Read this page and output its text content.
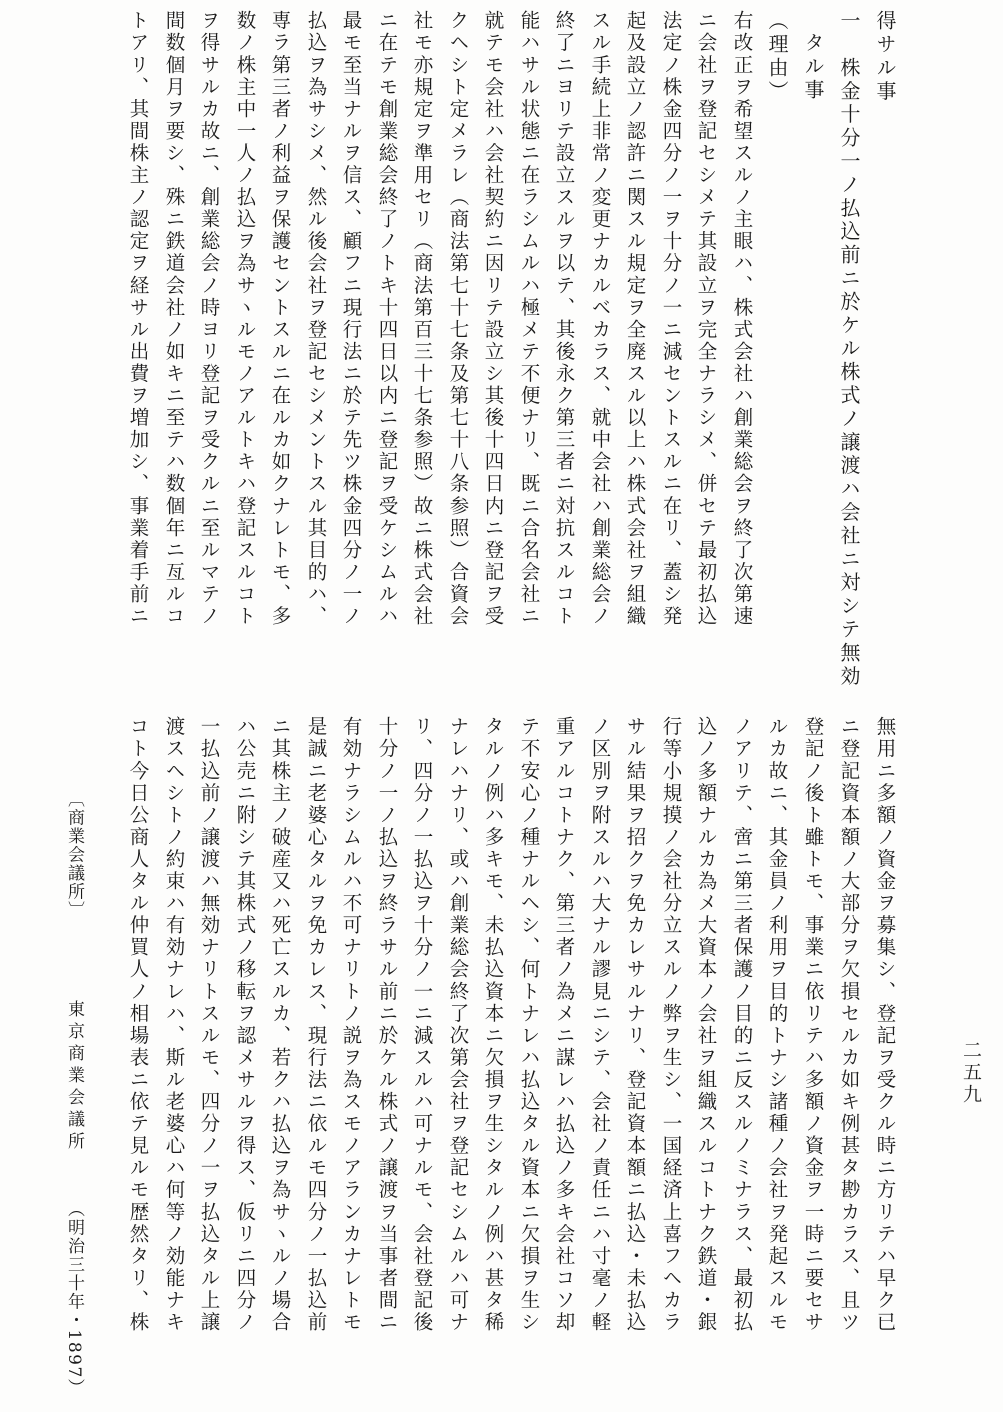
得サル事
一　株金十分一ノ払込前ニ於ケル株式ノ譲渡ハ会社ニ対シテ無効
タル事
（理由）
右改正ヲ希望スルノ主眼ハ、株式会社ハ創業総会ヲ終了次第速
ニ会社ヲ登記セシメテ其設立ヲ完全ナラシメ、併セテ最初払込
法定ノ株金四分ノ一ヲ十分ノ一ニ減セントスルニ在リ、蓋シ発
起及設立ノ認許ニ関スル規定ヲ全廃スル以上ハ株式会社ヲ組織
スル手続上非常ノ変更ナカルベカラス、就中会社ハ創業総会ノ
終了ニヨリテ設立スルヲ以テ、其後永ク第三者ニ対抗スルコト
能ハサル状態ニ在ラシムルハ極メテ不便ナリ、既ニ合名会社ニ
就テモ会社ハ会社契約ニ因リテ設立シ其後十四日内ニ登記ヲ受
クヘシト定メラレ（商法第七十七条及第七十八条参照）合資会
社モ亦規定ヲ準用セリ（商法第百三十七条参照）故ニ株式会社
ニ在テモ創業総会終了ノトキ十四日以内ニ登記ヲ受ケシムルハ
最モ至当ナルヲ信ス、顧フニ現行法ニ於テ先ツ株金四分ノ一ノ
払込ヲ為サシメ、然ル後会社ヲ登記セシメントスル其目的ハ、
専ラ第三者ノ利益ヲ保護セントスルニ在ルカ如クナレトモ、多
数ノ株主中一人ノ払込ヲ為サヽルモノアルトキハ登記スルコト
ヲ得サルカ故ニ、創業総会ノ時ヨリ登記ヲ受クルニ至ルマテノ
間数個月ヲ要シ、殊ニ鉄道会社ノ如キニ至テハ数個年ニ亙ルコ
トアリ、其間株主ノ認定ヲ経サル出費ヲ増加シ、事業着手前ニ
〔商業会議所〕
東京商業会議所
（明治三十年・1897）
二五九
無用ニ多額ノ資金ヲ募集シ、登記ヲ受クル時ニ方リテハ早ク已
ニ登記資本額ノ大部分ヲ欠損セルカ如キ例甚タ尠カラス、且ツ
登記ノ後ト雖トモ、事業ニ依リテハ多額ノ資金ヲ一時ニ要セサ
ルカ故ニ、其金員ノ利用ヲ目的トナシ諸種ノ会社ヲ発起スルモ
ノアリテ、啻ニ第三者保護ノ目的ニ反スルノミナラス、最初払
込ノ多額ナルカ為メ大資本ノ会社ヲ組織スルコトナク鉄道・銀
行等小規摸ノ会社分立スルノ弊ヲ生シ、一国経済上喜フヘカラ
サル結果ヲ招クヲ免カレサルナリ、登記資本額ニ払込・未払込
ノ区別ヲ附スルハ大ナル謬見ニシテ、会社ノ責任ニハ寸毫ノ軽
重アルコトナク、第三者ノ為メニ謀レハ払込ノ多キ会社コソ却
テ不安心ノ種ナルヘシ、何トナレハ払込タル資本ニ欠損ヲ生シ
タルノ例ハ多キモ、未払込資本ニ欠損ヲ生シタルノ例ハ甚タ稀
ナレハナリ、或ハ創業総会終了次第会社ヲ登記セシムルハ可ナ
リ、四分ノ一払込ヲ十分ノ一ニ減スルハ可ナルモ、会社登記後
十分ノ一ノ払込ヲ終ラサル前ニ於ケル株式ノ譲渡ヲ当事者間ニ
有効ナラシムルハ不可ナリトノ説ヲ為スモノアランカナレトモ
是誠ニ老婆心タルヲ免カレス、現行法ニ依ルモ四分ノ一払込前
ニ其株主ノ破産又ハ死亡スルカ、若クハ払込ヲ為サヽルノ場合
ハ公売ニ附シテ其株式ノ移転ヲ認メサルヲ得ス、仮リニ四分ノ
一払込前ノ譲渡ハ無効ナリトスルモ、四分ノ一ヲ払込タル上譲
渡スヘシトノ約束ハ有効ナレハ、斯ル老婆心ハ何等ノ効能ナキ
コト今日公商人タル仲買人ノ相場表ニ依テ見ルモ歴然タリ、株
